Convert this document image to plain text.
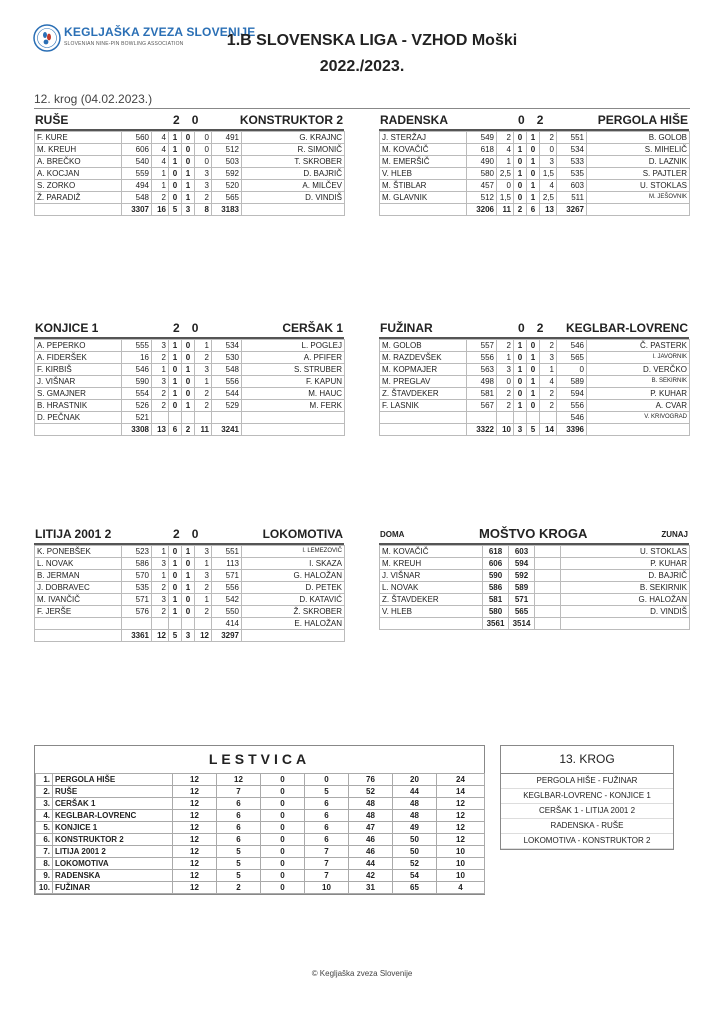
KEGLJAŠKA ZVEZA SLOVENIJE
SLOVENIAN NINE-PIN BOWLING ASSOCIATION	1.B SLOVENSKA LIGA - VZHOD Moški
2022./2023.
12. krog (04.02.2023.)
RUŠE	2 0	KONSTRUKTOR 2
F. KURE	560	4	1	0	0	491	G. KRAJNC
M. KREUH	606	4	1	0	0	512	R. SIMONIČ
A. BREČKO	540	4	1	0	0	503	T. SKROBER
A. KOCJAN	559	1	0	1	3	592	D. BAJRIČ
S. ZORKO	494	1	0	1	3	520	A. MILČEV
Ž. PARADIŽ	548	2	0	1	2	565	D. VINDIŠ
	3307	16	5	3	8	3183	
RADENSKA	0 2	PERGOLA HIŠE
J. STERŽAJ	549	2	0	1	2	551	B. GOLOB
M. KOVAČIČ	618	4	1	0	0	534	S. MIHELIČ
M. EMERŠIČ	490	1	0	1	3	533	D. LAZNIK
V. HLEB	580	2,5	1	0	1,5	535	S. PAJTLER
M. ŠTIBLAR	457	0	0	1	4	603	U. STOKLAS
M. GLAVNIK	512	1,5	0	1	2,5	511	M. JEŠOVNIK
	3206	11	2	6	13	3267	
KONJICE 1	2 0	CERŠAK 1
A. PEPERKO	555	3	1	0	1	534	L. POGLEJ
A. FIDERŠEK	16	2	1	0	2	530	A. PFIFER
F. KIRBIŠ	546	1	0	1	3	548	S. STRUBER
J. VIŠNAR	590	3	1	0	1	556	F. KAPUN
S. GMAJNER	554	2	1	0	2	544	M. HAUC
B. HRASTNIK	526	2	0	1	2	529	M. FERK
D. PEČNAK	521						
	3308	13	6	2	11	3241	
FUŽINAR	0 2 KEGLBAR-LOVRENC
M. GOLOB	557	2	1	0	2	546	Č. PASTERK
M. RAZDEVŠEK	556	1	0	1	3	565	I. JAVORNIK
M. KOPMAJER	563	3	1	0	1	0	D. VERČKO
M. PREGLAV	498	0	0	1	4	589	B. SEKIRNIK
Z. ŠTAVDEKER	581	2	0	1	2	594	P. KUHAR
F. LASNIK	567	2	1	0	2	556	A. CVAR
						546	V. KRIVOGRAD
	3322	10	3	5	14	3396	
LITIJA 2001 2	2 0	LOKOMOTIVA
K. PONEBŠEK	523	1	0	1	3	551	I. LEMEZOVIČ
L. NOVAK	586	3	1	0	1	113	I. SKAZA
B. JERMAN	570	1	0	1	3	571	G. HALOŽAN
J. DOBRAVEC	535	2	0	1	2	556	D. PETEK
M. IVANČIČ	571	3	1	0	1	542	D. KATAVIĆ
F. JERŠE	576	2	1	0	2	550	Ž. SKROBER
						414	E. HALOŽAN
	3361	12	5	3	12	3297	
DOMA	MOŠTVO KROGA	ZUNAJ
M. KOVAČIČ	618	603		U. STOKLAS
M. KREUH	606	594		P. KUHAR
J. VIŠNAR	590	592		D. BAJRIČ
L. NOVAK	586	589		B. SEKIRNIK
Z. ŠTAVDEKER	581	571		G. HALOŽAN
V. HLEB	580	565		D. VINDIŠ
	3561	3514		
LESTVICA
1.	PERGOLA HIŠE	12	12	0	0	76	20	24
2.	RUŠE	12	7	0	5	52	44	14
3.	CERŠAK 1	12	6	0	6	48	48	12
4.	KEGLBAR-LOVRENC	12	6	0	6	48	48	12
5.	KONJICE 1	12	6	0	6	47	49	12
6.	KONSTRUKTOR 2	12	6	0	6	46	50	12
7.	LITIJA 2001 2	12	5	0	7	46	50	10
8.	LOKOMOTIVA	12	5	0	7	44	52	10
9.	RADENSKA	12	5	0	7	42	54	10
10.	FUŽINAR	12	2	0	10	31	65	4
13. KROG
PERGOLA HIŠE - FUŽINAR
KEGLBAR-LOVRENC - KONJICE 1
CERŠAK 1 - LITIJA 2001 2
RADENSKA - RUŠE
LOKOMOTIVA - KONSTRUKTOR 2
© Kegljaška zveza Slovenije
